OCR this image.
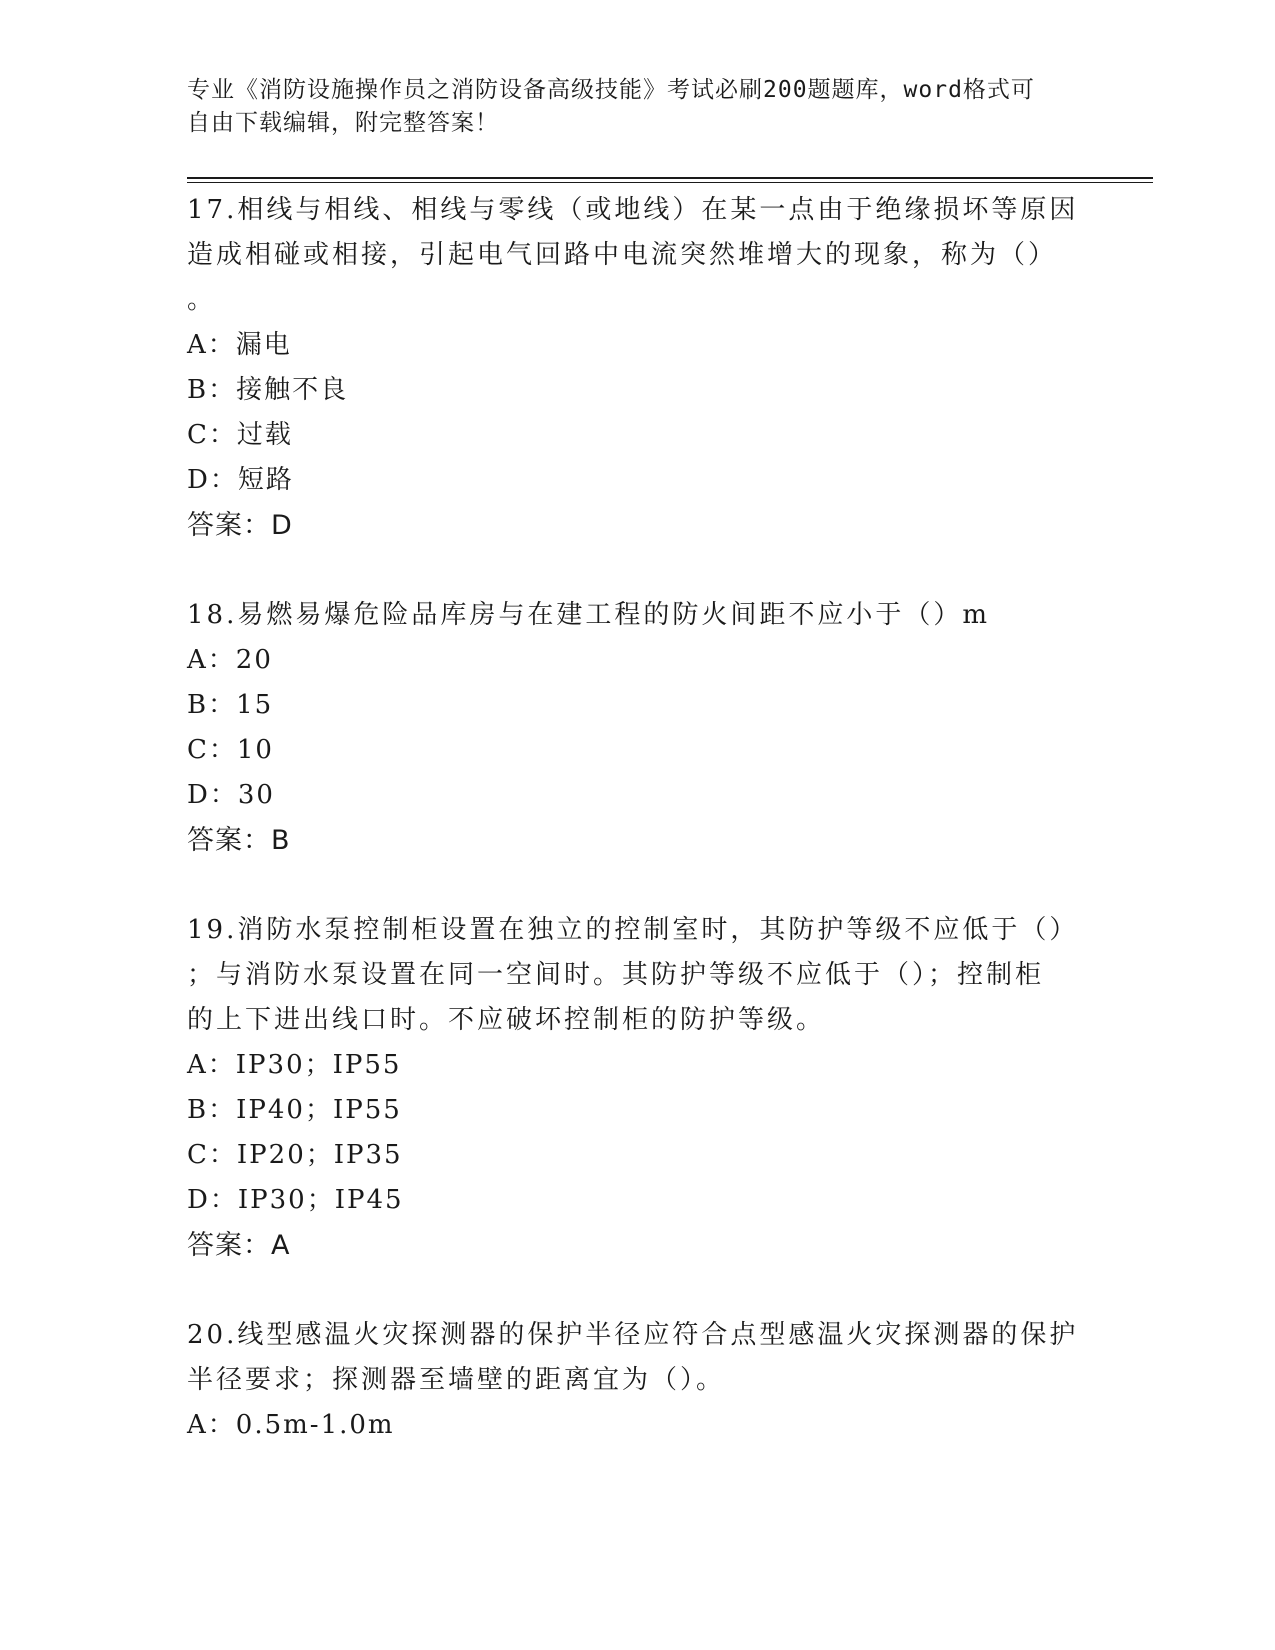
专业《消防设施操作员之消防设备高级技能》考试必刷200题题库，word格式可
自由下载编辑，附完整答案！

17.相线与相线、相线与零线（或地线）在某一点由于绝缘损坏等原因

造成相碰或相接，引起电气回路中电流突然堆增大的现象，称为（）

。

A：漏电

B：接触不良

C：过载

D：短路

答案：D

18.易燃易爆危险品库房与在建工程的防火间距不应小于（）m

A：20

B：15

C：10

D：30

答案：B

19.消防水泵控制柜设置在独立的控制室时，其防护等级不应低于（）

；与消防水泵设置在同一空间时。其防护等级不应低于（）；控制柜

的上下进出线口时。不应破坏控制柜的防护等级。

A：IP30；IP55

B：IP40；IP55

C：IP20；IP35

D：IP30；IP45

答案：A

20.线型感温火灾探测器的保护半径应符合点型感温火灾探测器的保护

半径要求；探测器至墙壁的距离宜为（）。

A：0.5m-1.0m
